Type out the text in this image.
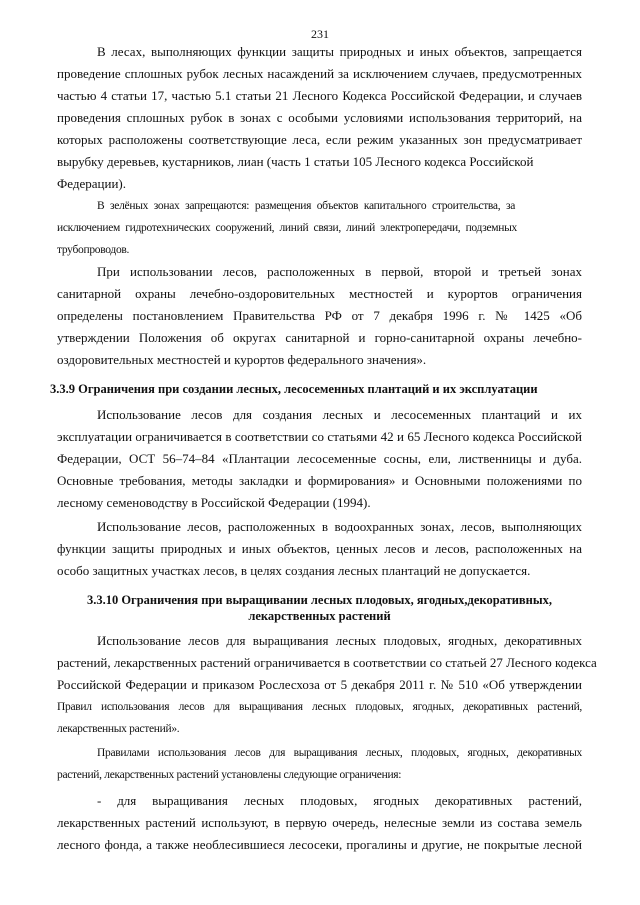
231
В лесах, выполняющих функции защиты природных и иных объектов, запрещается
проведение сплошных рубок лесных насаждений за исключением случаев, предусмотренных
частью 4 статьи 17, частью 5.1 статьи 21 Лесного Кодекса Российской Федерации, и случаев
проведения сплошных рубок в зонах с особыми условиями использования территорий, на
которых расположены соответствующие леса, если режим указанных зон предусматривает
вырубку деревьев, кустарников, лиан (часть 1 статьи 105 Лесного кодекса Российской
Федерации).
В зелёных зонах запрещаются: размещения объектов капитального строительства, за
исключением гидротехнических сооружений, линий связи, линий электропередачи, подземных
трубопроводов.
При использовании лесов, расположенных в первой, второй и третьей зонах
санитарной охраны лечебно-оздоровительных местностей и курортов ограничения
определены постановлением Правительства РФ от 7 декабря 1996 г. № 1425 «Об
утверждении Положения об округах санитарной и горно-санитарной охраны лечебно-
оздоровительных местностей и курортов федерального значения».
3.3.9 Ограничения при создании лесных, лесосеменных плантаций и их эксплуатации
Использование лесов для создания лесных и лесосеменных плантаций и их
эксплуатации ограничивается в соответствии со статьями 42 и 65 Лесного кодекса Российской
Федерации, ОСТ 56–74–84 «Плантации лесосеменные сосны, ели, лиственницы и дуба.
Основные требования, методы закладки и формирования» и Основными положениями по
лесному семеноводству в Российской Федерации (1994).
Использование лесов, расположенных в водоохранных зонах, лесов, выполняющих
функции защиты природных и иных объектов, ценных лесов и лесов, расположенных на
особо защитных участках лесов, в целях создания лесных плантаций не допускается.
3.3.10 Ограничения при выращивании лесных плодовых, ягодных,декоративных,
лекарственных растений
Использование лесов для выращивания лесных плодовых, ягодных, декоративных
растений, лекарственных растений ограничивается в соответствии со статьей 27 Лесного кодекса
Российской Федерации и приказом Рослесхоза от 5 декабря 2011 г. № 510 «Об утверждении
Правил использования лесов для выращивания лесных плодовых, ягодных, декоративных растений,
лекарственных растений».
Правилами использования лесов для выращивания лесных, плодовых, ягодных, декоративных
растений, лекарственных растений установлены следующие ограничения:
- для выращивания лесных плодовых, ягодных декоративных растений,
лекарственных растений используют, в первую очередь, нелесные земли из состава земель
лесного фонда, а также необлесившиеся лесосеки, прогалины и другие, не покрытые лесной
